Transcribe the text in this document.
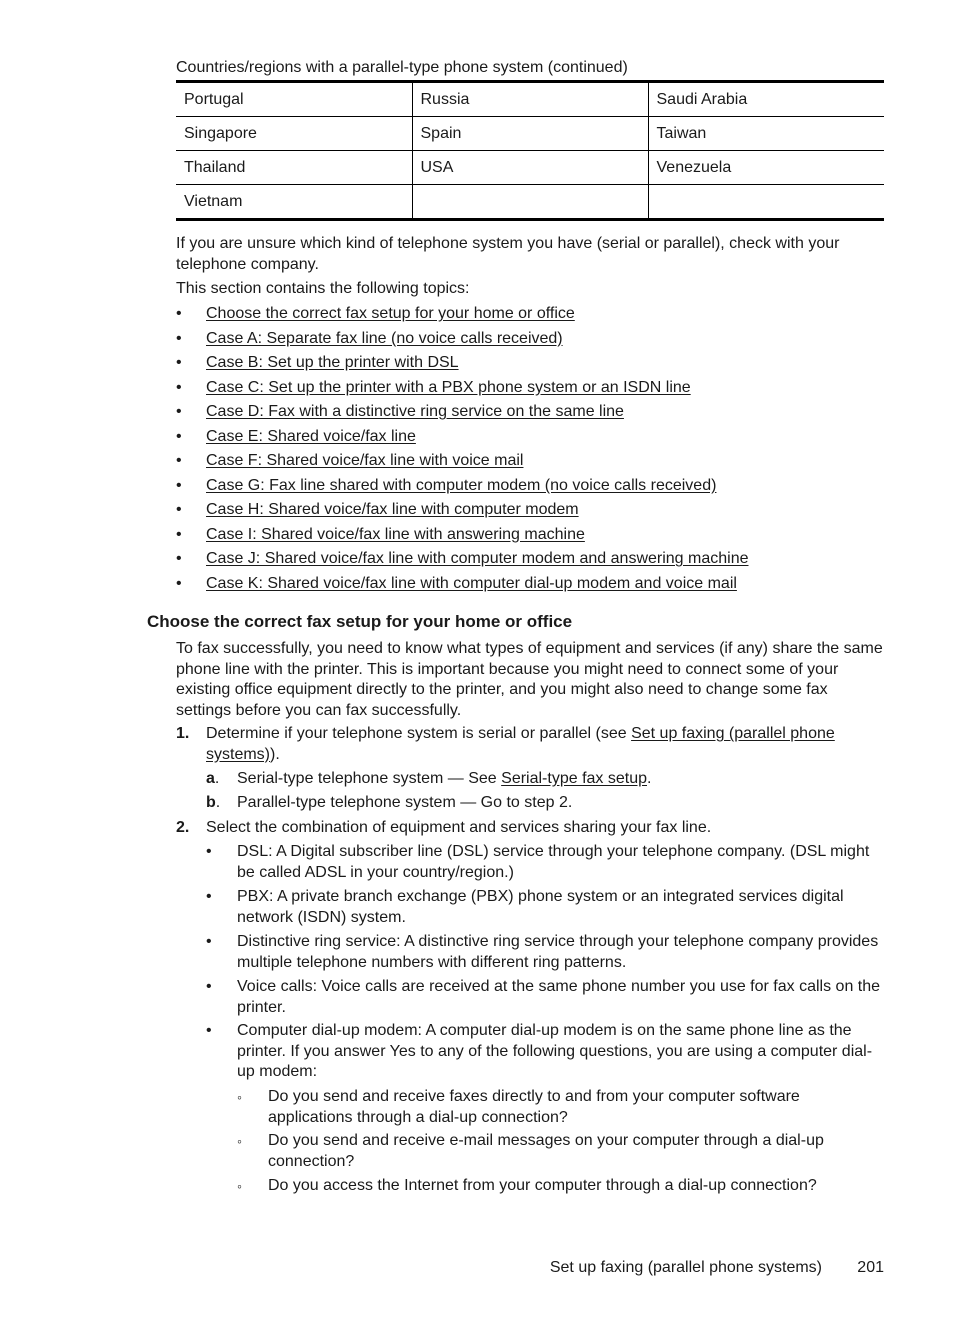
Countries/regions with a parallel-type phone system (continued)
Portugal	Russia	Saudi Arabia
Singapore	Spain	Taiwan
Thailand	USA	Venezuela
Vietnam		

If you are unsure which kind of telephone system you have (serial or parallel), check with your telephone company.

This section contains the following topics:

• Choose the correct fax setup for your home or office
• Case A: Separate fax line (no voice calls received)
• Case B: Set up the printer with DSL
• Case C: Set up the printer with a PBX phone system or an ISDN line
• Case D: Fax with a distinctive ring service on the same line
• Case E: Shared voice/fax line
• Case F: Shared voice/fax line with voice mail
• Case G: Fax line shared with computer modem (no voice calls received)
• Case H: Shared voice/fax line with computer modem
• Case I: Shared voice/fax line with answering machine
• Case J: Shared voice/fax line with computer modem and answering machine
• Case K: Shared voice/fax line with computer dial-up modem and voice mail
Choose the correct fax setup for your home or office

To fax successfully, you need to know what types of equipment and services (if any) share the same phone line with the printer. This is important because you might need to connect some of your existing office equipment directly to the printer, and you might also need to change some fax settings before you can fax successfully.

1. Determine if your telephone system is serial or parallel (see Set up faxing (parallel phone systems)).
a. Serial-type telephone system — See Serial-type fax setup.
b. Parallel-type telephone system — Go to step 2.
2. Select the combination of equipment and services sharing your fax line.
• DSL: A Digital subscriber line (DSL) service through your telephone company. (DSL might be called ADSL in your country/region.)
• PBX: A private branch exchange (PBX) phone system or an integrated services digital network (ISDN) system.
• Distinctive ring service: A distinctive ring service through your telephone company provides multiple telephone numbers with different ring patterns.
• Voice calls: Voice calls are received at the same phone number you use for fax calls on the printer.
• Computer dial-up modem: A computer dial-up modem is on the same phone line as the printer. If you answer Yes to any of the following questions, you are using a computer dial-up modem:
◦ Do you send and receive faxes directly to and from your computer software applications through a dial-up connection?
◦ Do you send and receive e-mail messages on your computer through a dial-up connection?
◦ Do you access the Internet from your computer through a dial-up connection?
Set up faxing (parallel phone systems) 201
